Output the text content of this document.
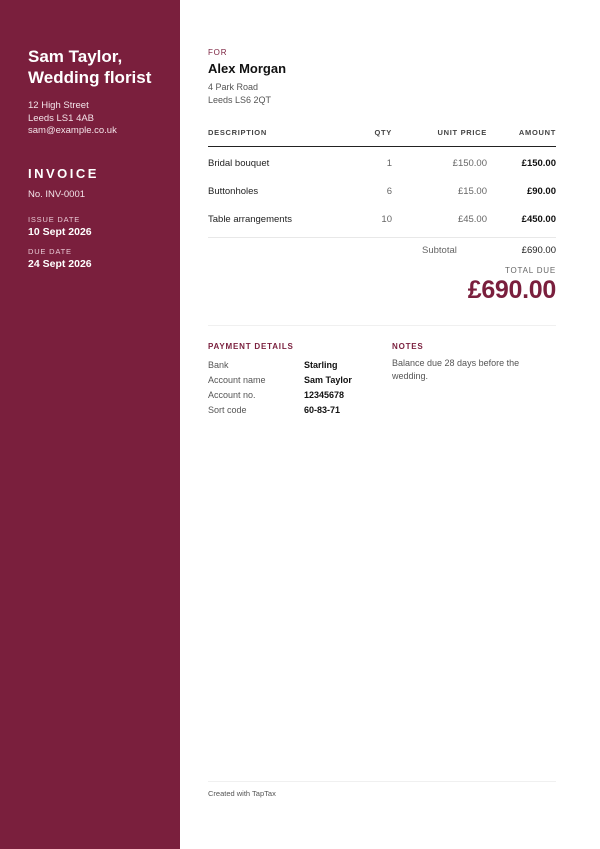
Sam Taylor, Wedding florist
12 High Street
Leeds LS1 4AB
sam@example.co.uk
INVOICE
No. INV-0001
ISSUE DATE
10 Sept 2026
DUE DATE
24 Sept 2026
FOR
Alex Morgan
4 Park Road
Leeds LS6 2QT
DESCRIPTION	QTY	UNIT PRICE	AMOUNT
Bridal bouquet	1	£150.00	£150.00
Buttonholes	6	£15.00	£90.00
Table arrangements	10	£45.00	£450.00
Subtotal	£690.00
TOTAL DUE
£690.00
PAYMENT DETAILS
Bank	Starling
Account name	Sam Taylor
Account no.	12345678
Sort code	60-83-71
NOTES
Balance due 28 days before the wedding.
Created with TapTax
